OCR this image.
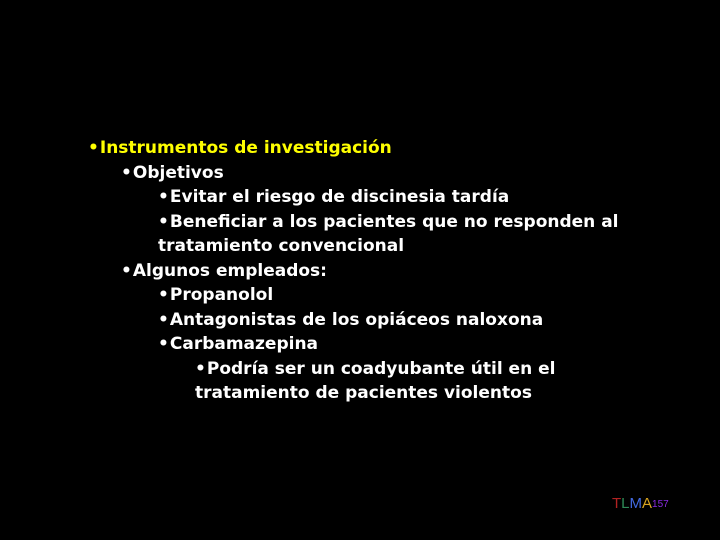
•Instrumentos de investigación
•Objetivos
•Evitar el riesgo de discinesia tardía
•Beneficiar a los pacientes que no responden al
tratamiento convencional
•Algunos empleados:
•Propanolol
•Antagonistas de los opiáceos naloxona
•Carbamazepina
•Podría ser un coadyubante útil en el
tratamiento de pacientes violentos
TLMA157
